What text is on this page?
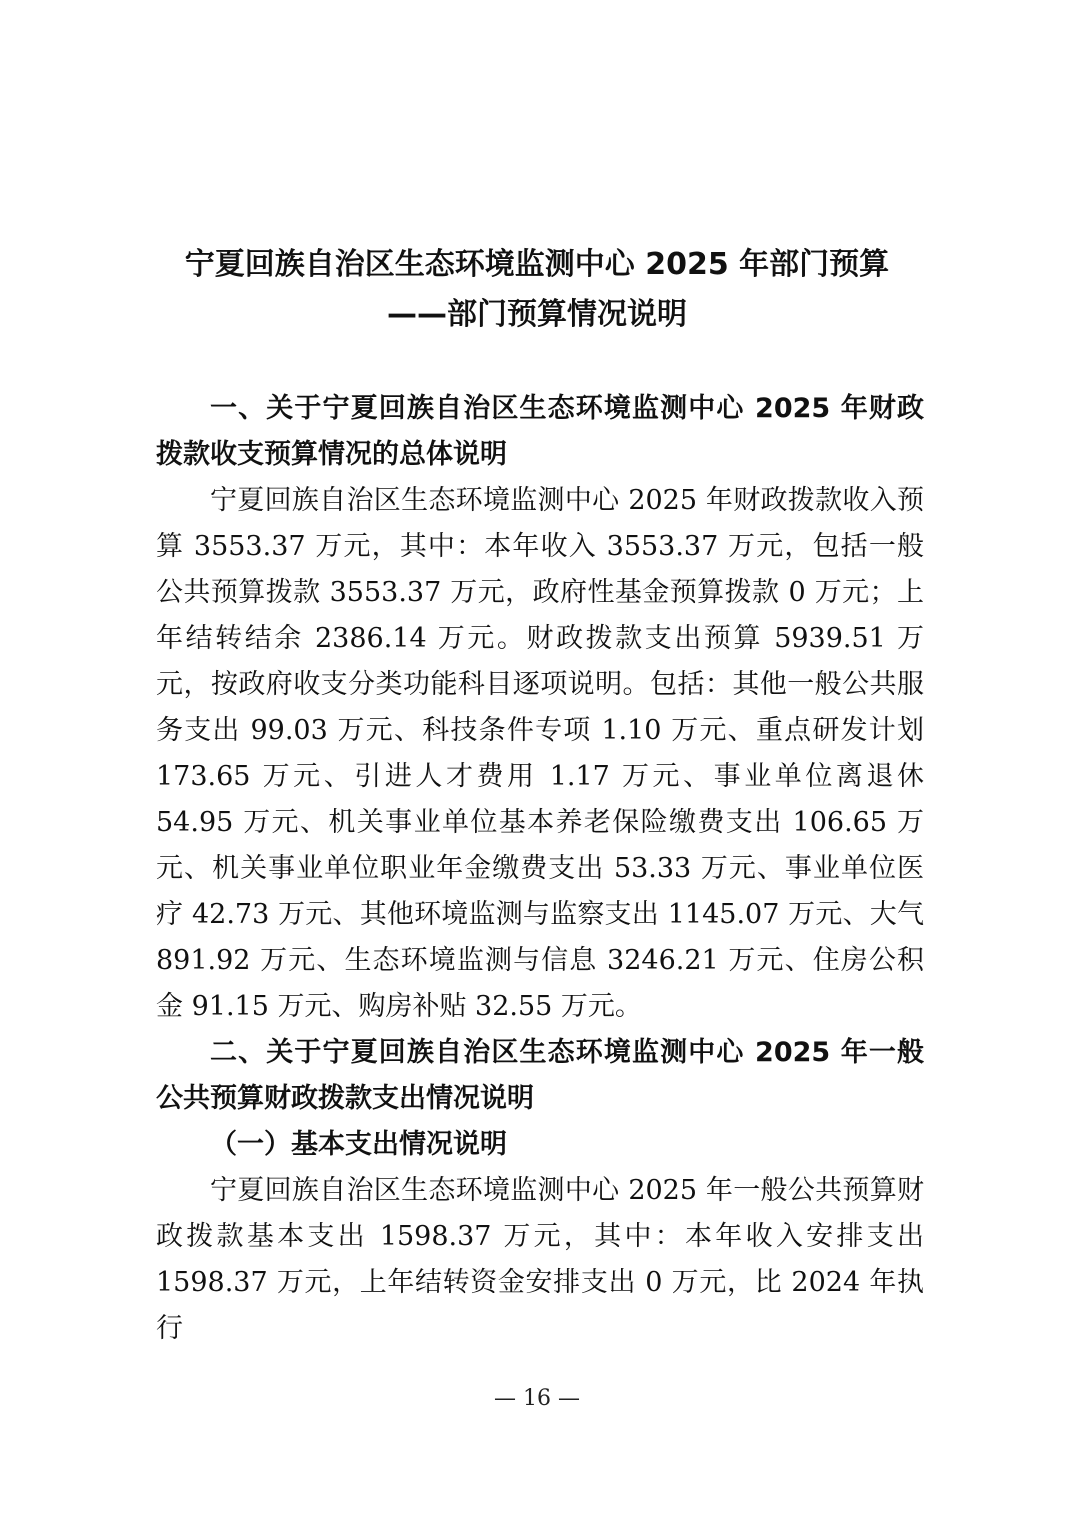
宁夏回族自治区生态环境监测中心 2025 年部门预算
——部门预算情况说明

一、关于宁夏回族自治区生态环境监测中心 2025 年财政拨款收支预算情况的总体说明

宁夏回族自治区生态环境监测中心 2025 年财政拨款收入预算 3553.37 万元，其中：本年收入 3553.37 万元，包括一般公共预算拨款 3553.37 万元，政府性基金预算拨款 0 万元；上年结转结余 2386.14 万元。财政拨款支出预算 5939.51 万元，按政府收支分类功能科目逐项说明。包括：其他一般公共服务支出 99.03 万元、科技条件专项 1.10 万元、重点研发计划 173.65 万元、引进人才费用 1.17 万元、事业单位离退休 54.95 万元、机关事业单位基本养老保险缴费支出 106.65 万元、机关事业单位职业年金缴费支出 53.33 万元、事业单位医疗 42.73 万元、其他环境监测与监察支出 1145.07 万元、大气 891.92 万元、生态环境监测与信息 3246.21 万元、住房公积金 91.15 万元、购房补贴 32.55 万元。

二、关于宁夏回族自治区生态环境监测中心 2025 年一般公共预算财政拨款支出情况说明

（一）基本支出情况说明

宁夏回族自治区生态环境监测中心 2025 年一般公共预算财政拨款基本支出 1598.37 万元，其中：本年收入安排支出 1598.37 万元，上年结转资金安排支出 0 万元，比 2024 年执行

— 16 —
